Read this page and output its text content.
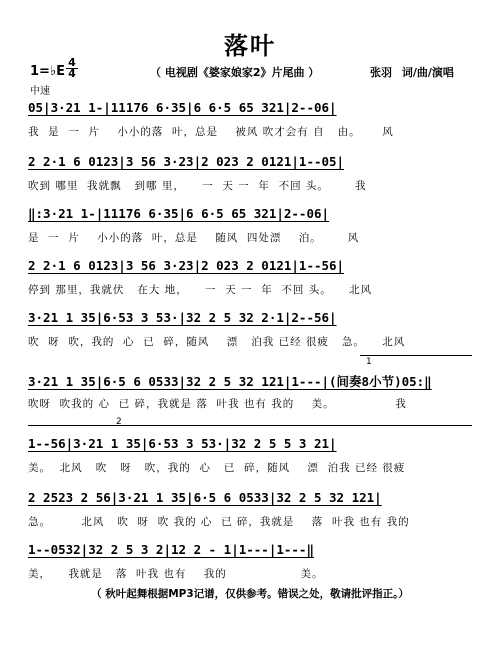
落叶
1=♭E
4
4	（ 电视剧《婆家娘家2》片尾曲 ）	张羽 词/曲/演唱
中速
05|3·21 1-|11176 6·35|6 6·5 65 321|2--06|
我  是  一  片    小小的落  叶，总是    被风 吹才会有 自   由。     风
2 2·1 6 0123|3 56 3·23|2 023 2 0121|1--05|
吹到 哪里  我就飘   到哪 里，    一  天 一  年  不回 头。      我
‖:3·21 1-|11176 6·35|6 6·5 65 321|2--06|
是  一  片    小小的落  叶，总是    随风  四处漂    泊。      风
2 2·1 6 0123|3 56 3·23|2 023 2 0121|1--56|
停到 那里，我就伏   在大 地，    一  天 一  年  不回 头。    北风
3·21 1 35|6·53 3 53·|32 2 5 32 2·1|2--56|
吹  呀  吹，我的  心  已  碎，随风    漂   泊我 已经 很疲   急。    北风
1
3·21 1 35|6·5 6 0533|32 2 5 32 121|1---|(间奏8小节)05:‖
吹呀  吹我的 心  已 碎，我就是 落  叶我 也有 我的    美。              我
2
1--56|3·21 1 35|6·53 3 53·|32 2 5 5 3 21|
美。  北风   吹   呀   吹，我的  心   已  碎，随风    漂  泊我 已经 很疲
2 2523 2 56|3·21 1 35|6·5 6 0533|32 2 5 32 121|
急。       北风   吹  呀  吹 我的 心  已 碎，我就是    落  叶我 也有 我的
1--0532|32 2 5 3 2|12 2 - 1|1---|1---‖
美，    我就是   落  叶我 也有    我的                 美。
（ 秋叶起舞根据MP3记谱，仅供参考。错误之处，敬请批评指正。）
